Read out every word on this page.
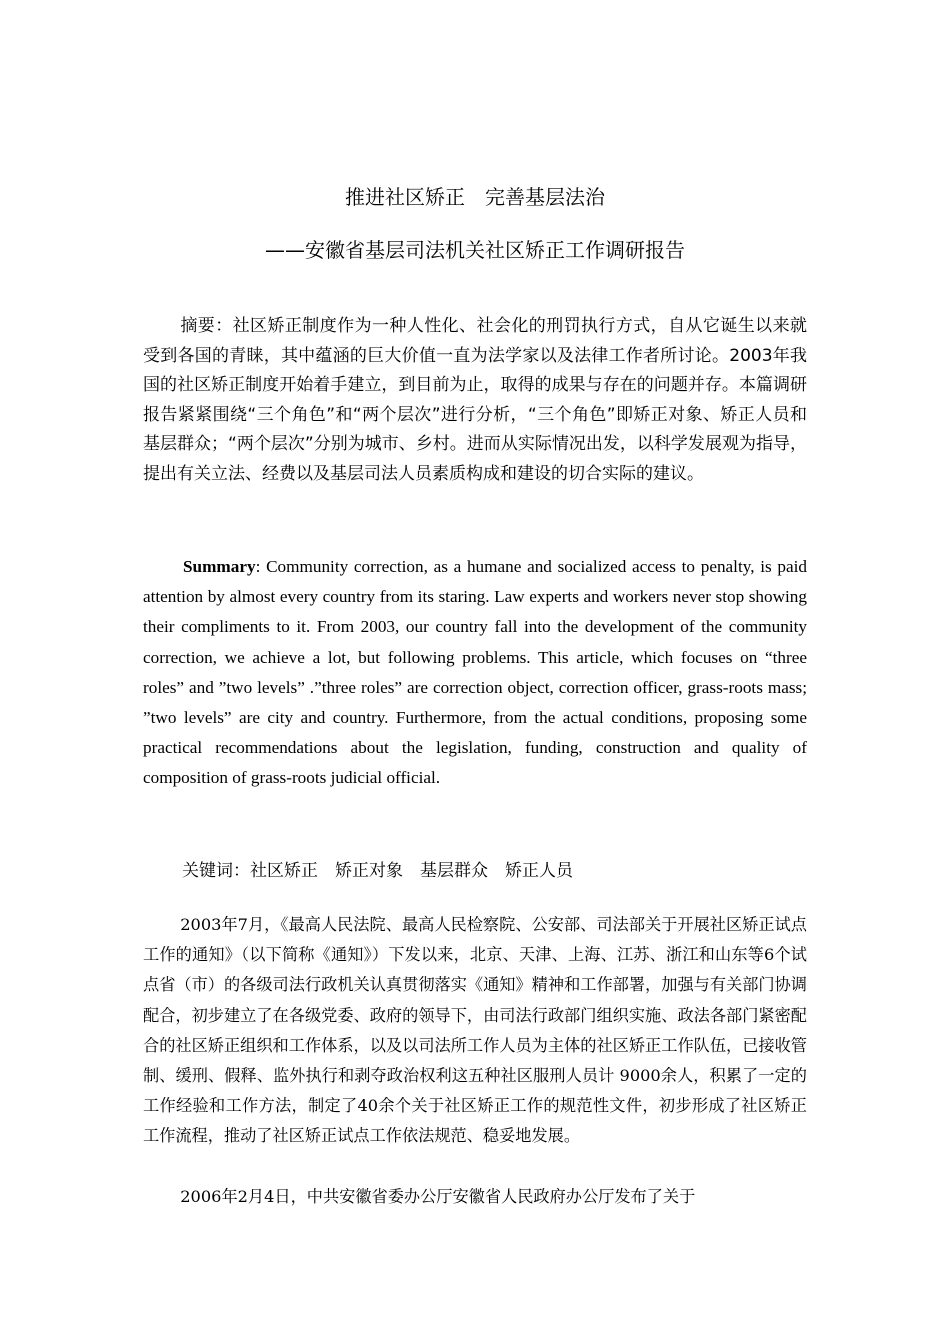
推进社区矫正　完善基层法治
——安徽省基层司法机关社区矫正工作调研报告
摘要：社区矫正制度作为一种人性化、社会化的刑罚执行方式，自从它诞生以来就受到各国的青睐，其中蕴涵的巨大价值一直为法学家以及法律工作者所讨论。2003年我国的社区矫正制度开始着手建立，到目前为止，取得的成果与存在的问题并存。本篇调研报告紧紧围绕“三个角色”和“两个层次”进行分析，“三个角色”即矫正对象、矫正人员和基层群众；“两个层次”分别为城市、乡村。进而从实际情况出发，以科学发展观为指导，提出有关立法、经费以及基层司法人员素质构成和建设的切合实际的建议。
Summary: Community correction, as a humane and socialized access to penalty, is paid attention by almost every country from its staring. Law experts and workers never stop showing their compliments to it. From 2003, our country fall into the development of the community correction, we achieve a lot, but following problems. This article, which focuses on “three roles” and ”two levels” .”three roles” are correction object, correction officer, grass-roots mass; ”two levels” are city and country. Furthermore, from the actual conditions, proposing some practical recommendations about the legislation, funding, construction and quality of composition of grass-roots judicial official.
关键词：社区矫正　矫正对象　基层群众　矫正人员

2003年7月，《最高人民法院、最高人民检察院、公安部、司法部关于开展社区矫正试点工作的通知》（以下简称《通知》）下发以来，北京、天津、上海、江苏、浙江和山东等6个试点省（市）的各级司法行政机关认真贯彻落实《通知》精神和工作部署，加强与有关部门协调配合，初步建立了在各级党委、政府的领导下，由司法行政部门组织实施、政法各部门紧密配合的社区矫正组织和工作体系，以及以司法所工作人员为主体的社区矫正工作队伍，已接收管制、缓刑、假释、监外执行和剥夺政治权利这五种社区服刑人员计 9000余人，积累了一定的工作经验和工作方法，制定了40余个关于社区矫正工作的规范性文件，初步形成了社区矫正工作流程，推动了社区矫正试点工作依法规范、稳妥地发展。

2006年2月4日，中共安徽省委办公厅安徽省人民政府办公厅发布了关于
